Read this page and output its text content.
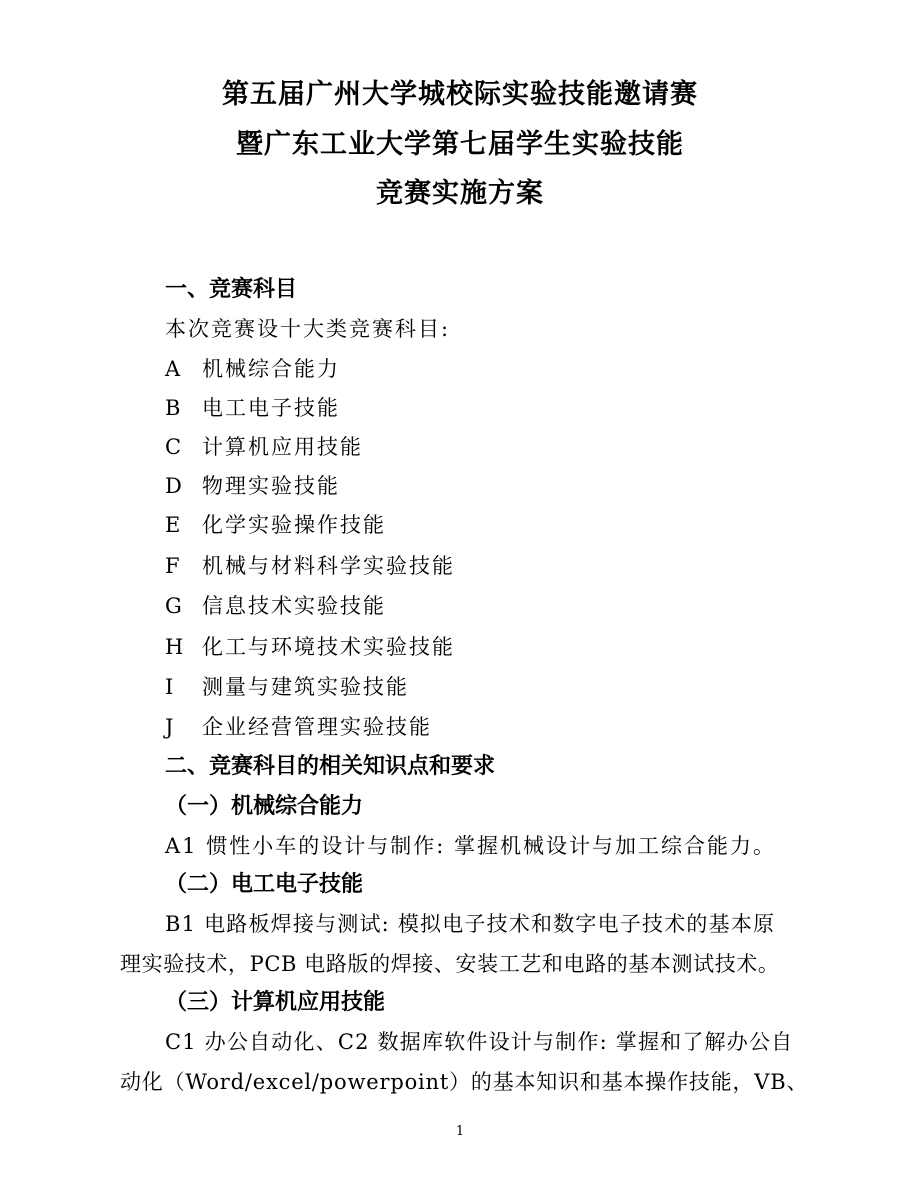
第五届广州大学城校际实验技能邀请赛
暨广东工业大学第七届学生实验技能
竞赛实施方案
一、竞赛科目
本次竞赛设十大类竞赛科目:
A 机械综合能力
B 电工电子技能
C 计算机应用技能
D 物理实验技能
E 化学实验操作技能
F 机械与材料科学实验技能
G 信息技术实验技能
H 化工与环境技术实验技能
I 测量与建筑实验技能
J 企业经营管理实验技能
二、竞赛科目的相关知识点和要求
（一）机械综合能力
A1 惯性小车的设计与制作: 掌握机械设计与加工综合能力。
（二）电工电子技能
B1 电路板焊接与测试: 模拟电子技术和数字电子技术的基本原
理实验技术，PCB 电路版的焊接、安装工艺和电路的基本测试技术。
（三）计算机应用技能
C1 办公自动化、C2 数据库软件设计与制作: 掌握和了解办公自
动化（Word/excel/powerpoint）的基本知识和基本操作技能，VB、
1
